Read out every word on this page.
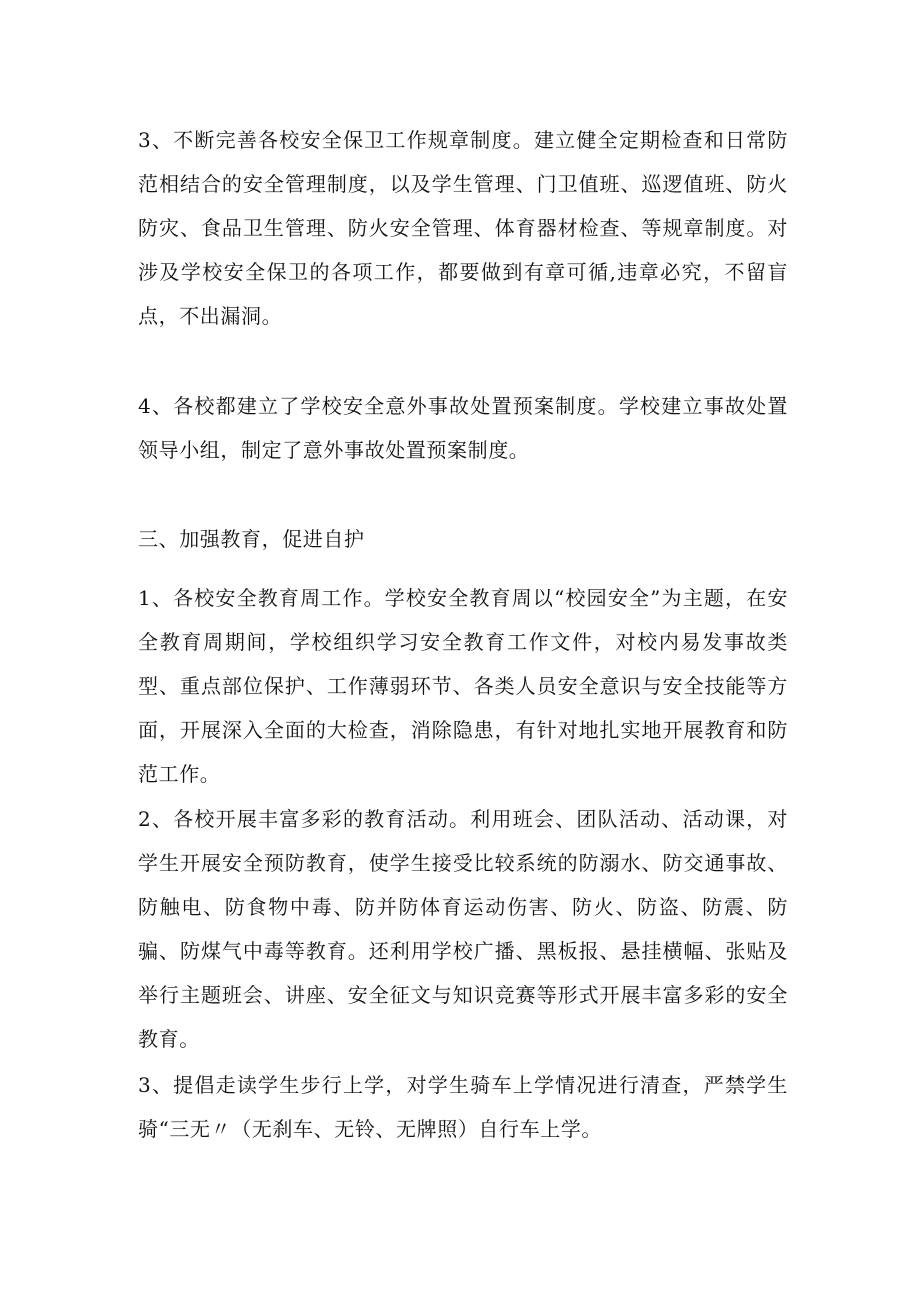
3、不断完善各校安全保卫工作规章制度。建立健全定期检查和日常防范相结合的安全管理制度，以及学生管理、门卫值班、巡逻值班、防火防灾、食品卫生管理、防火安全管理、体育器材检查、等规章制度。对涉及学校安全保卫的各项工作，都要做到有章可循,违章必究，不留盲点，不出漏洞。

4、各校都建立了学校安全意外事故处置预案制度。学校建立事故处置领导小组，制定了意外事故处置预案制度。

三、加强教育，促进自护

1、各校安全教育周工作。学校安全教育周以“校园安全”为主题，在安全教育周期间，学校组织学习安全教育工作文件，对校内易发事故类型、重点部位保护、工作薄弱环节、各类人员安全意识与安全技能等方面，开展深入全面的大检查，消除隐患，有针对地扎实地开展教育和防范工作。

2、各校开展丰富多彩的教育活动。利用班会、团队活动、活动课，对学生开展安全预防教育，使学生接受比较系统的防溺水、防交通事故、防触电、防食物中毒、防并防体育运动伤害、防火、防盗、防震、防骗、防煤气中毒等教育。还利用学校广播、黑板报、悬挂横幅、张贴及举行主题班会、讲座、安全征文与知识竞赛等形式开展丰富多彩的安全教育。

3、提倡走读学生步行上学，对学生骑车上学情况进行清查，严禁学生骑“三无〃（无刹车、无铃、无牌照）自行车上学。
